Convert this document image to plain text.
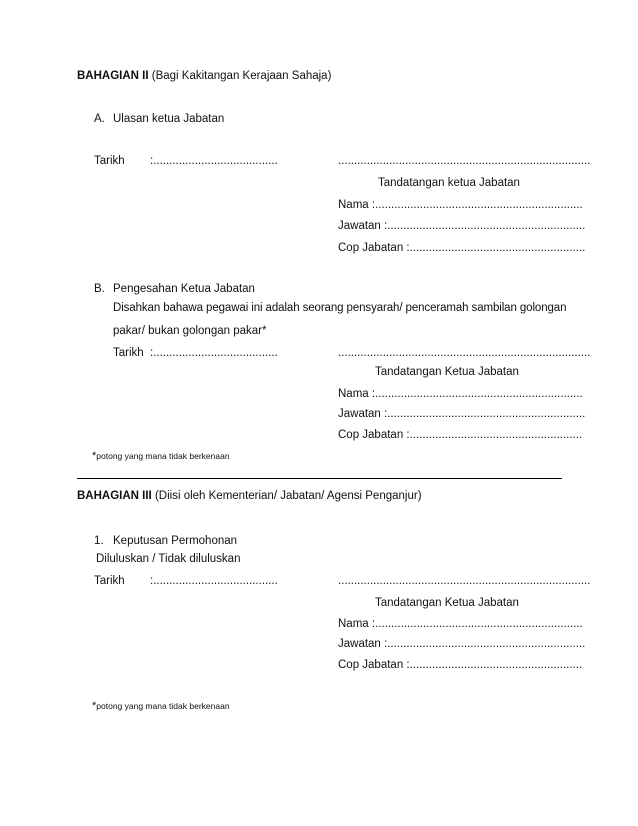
BAHAGIAN II (Bagi Kakitangan Kerajaan Sahaja)
A. Ulasan ketua Jabatan
Tarikh :.......................................	...............................................................................
Tandatangan ketua Jabatan
Nama :.................................................................
Jawatan :..............................................................
Cop Jabatan :.......................................................
B. Pengesahan Ketua Jabatan
Disahkan bahawa pegawai ini adalah seorang pensyarah/ penceramah sambilan golongan
pakar/ bukan golongan pakar*
Tarikh :.......................................	...............................................................................
Tandatangan Ketua Jabatan
Nama :.................................................................
Jawatan :..............................................................
Cop Jabatan :......................................................
*potong yang mana tidak berkenaan
BAHAGIAN III (Diisi oleh Kementerian/ Jabatan/ Agensi Penganjur)
1. Keputusan Permohonan
Diluluskan / Tidak diluluskan
Tarikh :.......................................	...............................................................................
Tandatangan Ketua Jabatan
Nama :.................................................................
Jawatan :..............................................................
Cop Jabatan :......................................................
*potong yang mana tidak berkenaan
